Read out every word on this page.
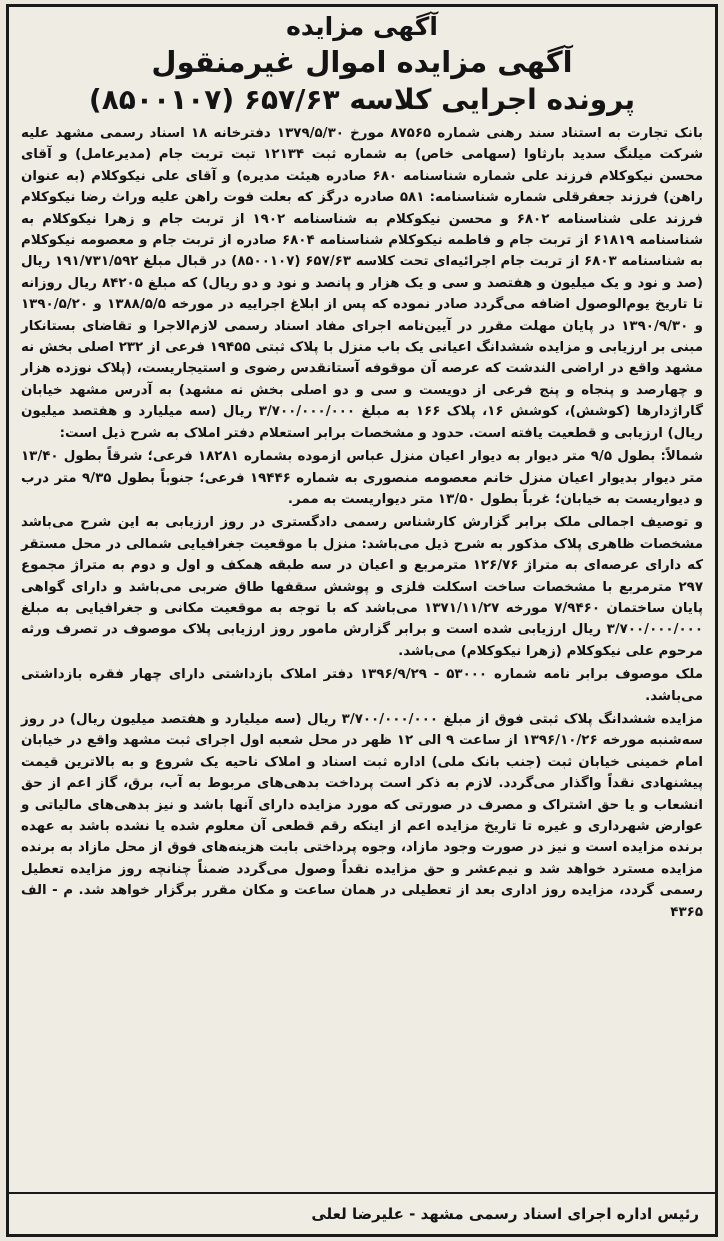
آگهی مزایده
آگهی مزایده اموال غیرمنقول
پرونده اجرایی کلاسه ۶۵۷/۶۳ (۸۵۰۰۱۰۷)

بانک تجارت به استناد سند رهنی شماره ۸۷۵۶۵ مورخ ۱۳۷۹/۵/۳۰ دفترخانه ۱۸ اسناد رسمی مشهد علیه شرکت میلنگ سدید بارثاوا (سهامی خاص) به شماره ثبت ۱۲۱۳۴ تبت تربت جام (مدیرعامل) و آقای محسن نیکوکلام فرزند علی شماره شناسنامه ۶۸۰ صادره هیئت مدیره) و آقای علی نیکوکلام (به عنوان راهن) فرزند جعفرقلی شماره شناسنامه: ۵۸۱ صادره درگز که بعلت فوت راهن علیه وراث رضا نیکوکلام فرزند علی شناسنامه ۶۸۰۲ و محسن نیکوکلام به شناسنامه ۱۹۰۲ از تربت جام و زهرا نیکوکلام به شناسنامه ۶۱۸۱۹ از تربت جام و فاطمه نیکوکلام شناسنامه ۶۸۰۴ صادره از تربت جام و معصومه نیکوکلام به شناسنامه ۶۸۰۳ از تربت جام اجرائیه‌ای تحت کلاسه ۶۵۷/۶۳ (۸۵۰۰۱۰۷) در قبال مبلغ ۱۹۱/۷۳۱/۵۹۲ ریال (صد و نود و یک میلیون و هفتصد و سی و یک هزار و پانصد و نود و دو ریال) که مبلغ ۸۴۲۰۵ ریال روزانه تا تاریخ یوم‌الوصول اضافه می‌گردد صادر نموده که پس از ابلاغ اجراییه در مورخه ۱۳۸۸/۵/۵ و ۱۳۹۰/۵/۲۰ و ۱۳۹۰/۹/۳۰ در پایان مهلت مقرر در آیین‌نامه اجرای مفاد اسناد رسمی لازم‌الاجرا و تقاضای بستانکار مبنی بر ارزیابی و مزایده ششدانگ اعیانی یک باب منزل با پلاک ثبتی ۱۹۴۵۵ فرعی از ۲۳۲ اصلی بخش نه مشهد واقع در اراضی الندشت که عرصه آن موقوفه آستانقدس رضوی و استیجاریست، (پلاک نوزده هزار و چهارصد و پنجاه و پنج فرعی از دویست و سی و دو اصلی بخش نه مشهد) به آدرس مشهد خیابان گاراژدارها (کوشش)، کوشش ۱۶، پلاک ۱۶۶ به مبلغ ۳/۷۰۰/۰۰۰/۰۰۰ ریال (سه میلیارد و هفتصد میلیون ریال) ارزیابی و قطعیت یافته است. حدود و مشخصات برابر استعلام دفتر املاک به شرح ذیل است:

شمالاً: بطول ۹/۵ متر دیوار به دیوار اعیان منزل عباس ازموده بشماره ۱۸۲۸۱ فرعی؛ شرقاً بطول ۱۳/۴۰ متر دیوار بدیوار اعیان منزل خانم معصومه منصوری به شماره ۱۹۴۴۶ فرعی؛ جنوباً بطول ۹/۳۵ متر درب و دیواریست به خیابان؛ غرباً بطول ۱۳/۵۰ متر دیواریست به ممر.

و توصیف اجمالی ملک برابر گزارش کارشناس رسمی دادگستری در روز ارزیابی به این شرح می‌باشد مشخصات ظاهری پلاک مذکور به شرح ذیل می‌باشد: منزل با موقعیت جغرافیایی شمالی در محل مستقر که دارای عرصه‌ای به متراژ ۱۲۶/۷۶ مترمربع و اعیان در سه طبقه همکف و اول و دوم به متراژ مجموع ۲۹۷ مترمربع با مشخصات ساخت اسکلت فلزی و پوشش سقفها طاق ضربی می‌باشد و دارای گواهی پایان ساختمان ۷/۹۴۶۰ مورخه ۱۳۷۱/۱۱/۲۷ می‌باشد که با توجه به موقعیت مکانی و جغرافیایی به مبلغ ۳/۷۰۰/۰۰۰/۰۰۰ ریال ارزیابی شده است و برابر گزارش مامور روز ارزیابی پلاک موصوف در تصرف ورثه مرحوم علی نیکوکلام (زهرا نیکوکلام) می‌باشد.

ملک موصوف برابر نامه شماره ۵۳۰۰۰ - ۱۳۹۶/۹/۲۹ دفتر املاک بازداشتی دارای چهار فقره بازداشتی می‌باشد.

مزایده ششدانگ پلاک ثبتی فوق از مبلغ ۳/۷۰۰/۰۰۰/۰۰۰ ریال (سه میلیارد و هفتصد میلیون ریال) در روز سه‌شنبه مورخه ۱۳۹۶/۱۰/۲۶ از ساعت ۹ الی ۱۲ ظهر در محل شعبه اول اجرای ثبت مشهد واقع در خیابان امام خمینی خیابان ثبت (جنب بانک ملی) اداره ثبت اسناد و املاک ناحیه یک شروع و به بالاترین قیمت پیشنهادی نقداً واگذار می‌گردد. لازم به ذکر است پرداخت بدهی‌های مربوط به آب، برق، گاز اعم از حق انشعاب و یا حق اشتراک و مصرف در صورتی که مورد مزایده دارای آنها باشد و نیز بدهی‌های مالیاتی و عوارض شهرداری و غیره تا تاریخ مزایده اعم از اینکه رقم قطعی آن معلوم شده یا نشده باشد به عهده برنده مزایده است و نیز در صورت وجود مازاد، وجوه پرداختی بابت هزینه‌های فوق از محل مازاد به برنده مزایده مسترد خواهد شد و نیم‌عشر و حق مزایده نقداً وصول می‌گردد ضمناً چنانچه روز مزایده تعطیل رسمی گردد، مزایده روز اداری بعد از تعطیلی در همان ساعت و مکان مقرر برگزار خواهد شد. م - الف ۴۳۶۵

رئیس اداره اجرای اسناد رسمی مشهد - علیرضا لعلی
